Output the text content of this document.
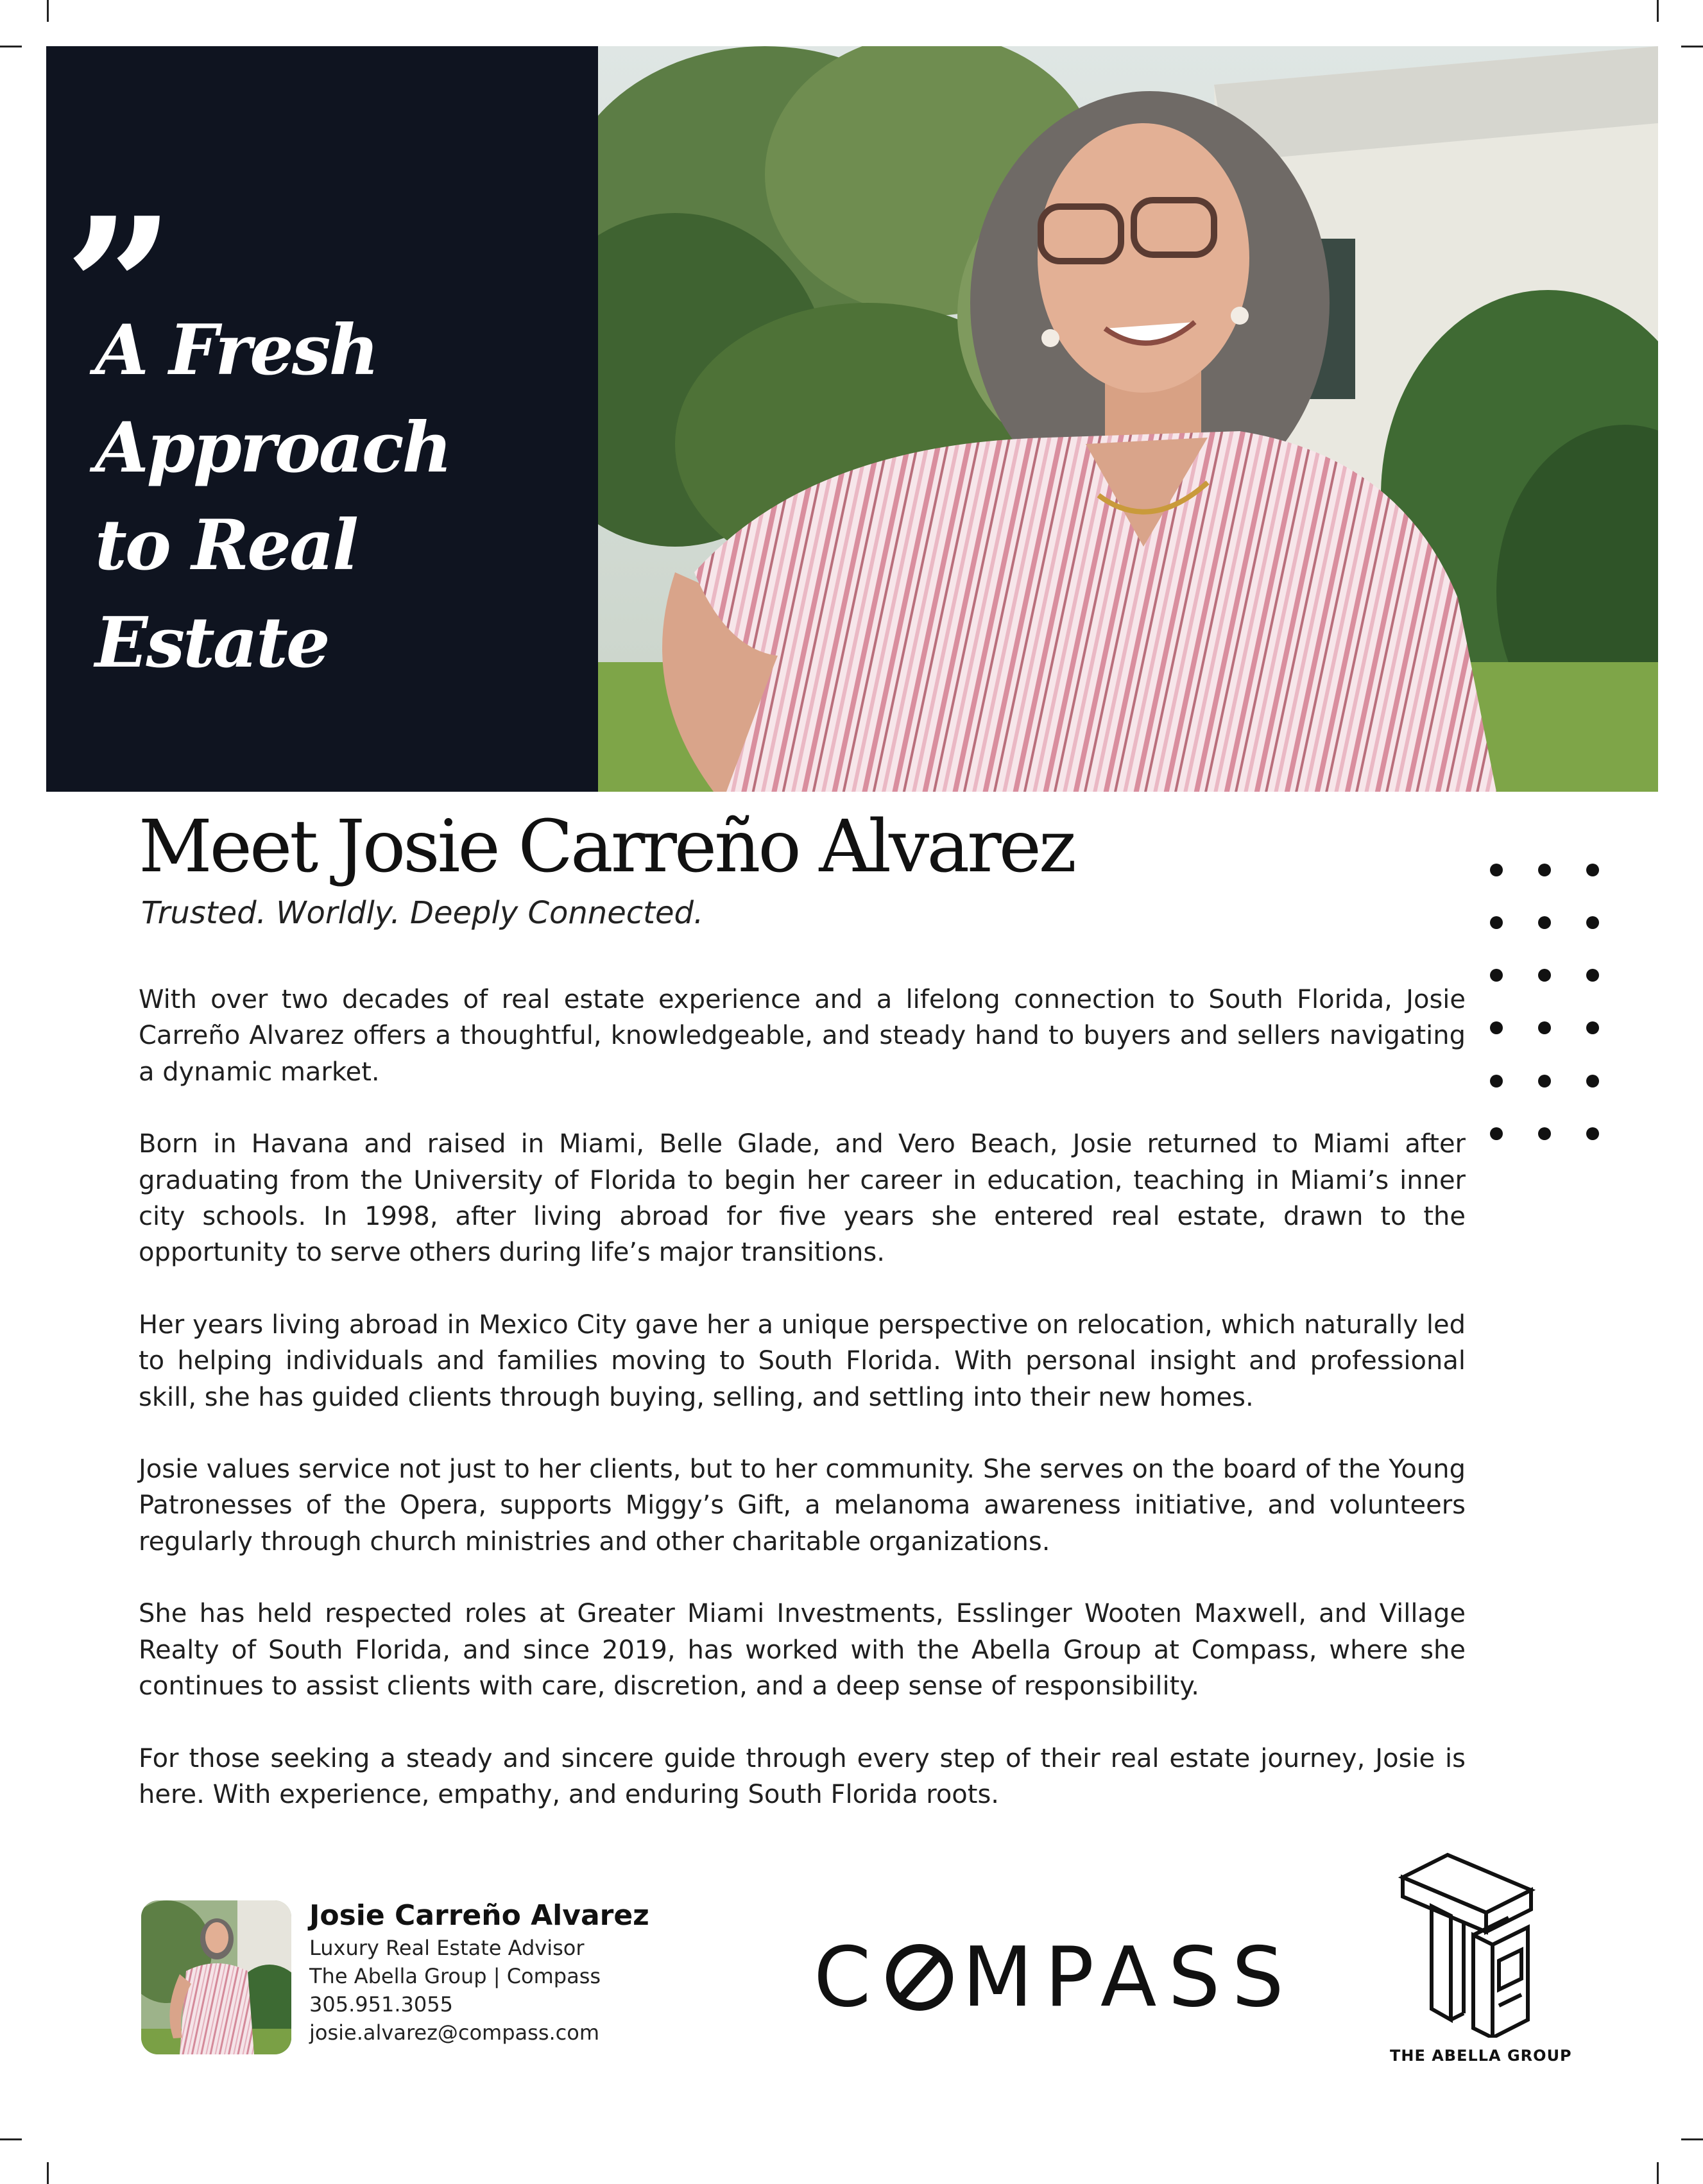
”
A Fresh
Approach
to Real Estate
Meet Josie Carreño Alvarez
Trusted. Worldly. Deeply Connected.

With over two decades of real estate experience and a lifelong connection to South Florida, Josie Carreño Alvarez offers a thoughtful, knowledgeable, and steady hand to buyers and sellers navigating a dynamic market.

Born in Havana and raised in Miami, Belle Glade, and Vero Beach, Josie returned to Miami after graduating from the University of Florida to begin her career in education, teaching in Miami’s inner city schools. In 1998, after living abroad for five years she entered real estate, drawn to the opportunity to serve others during life’s major transitions.

Her years living abroad in Mexico City gave her a unique perspective on relocation, which naturally led to helping individuals and families moving to South Florida. With personal insight and professional skill, she has guided clients through buying, selling, and settling into their new homes.

Josie values service not just to her clients, but to her community. She serves on the board of the Young Patronesses of the Opera, supports Miggy’s Gift, a melanoma awareness initiative, and volunteers regularly through church ministries and other charitable organizations.

She has held respected roles at Greater Miami Investments, Esslinger Wooten Maxwell, and Village Realty of South Florida, and since 2019, has worked with the Abella Group at Compass, where she continues to assist clients with care, discretion, and a deep sense of responsibility.

For those seeking a steady and sincere guide through every step of their real estate journey, Josie is here. With experience, empathy, and enduring South Florida roots.

Josie Carreño Alvarez
Luxury Real Estate Advisor
The Abella Group | Compass
305.951.3055
josie.alvarez@compass.com
C MPASS
THE ABELLA GROUP
